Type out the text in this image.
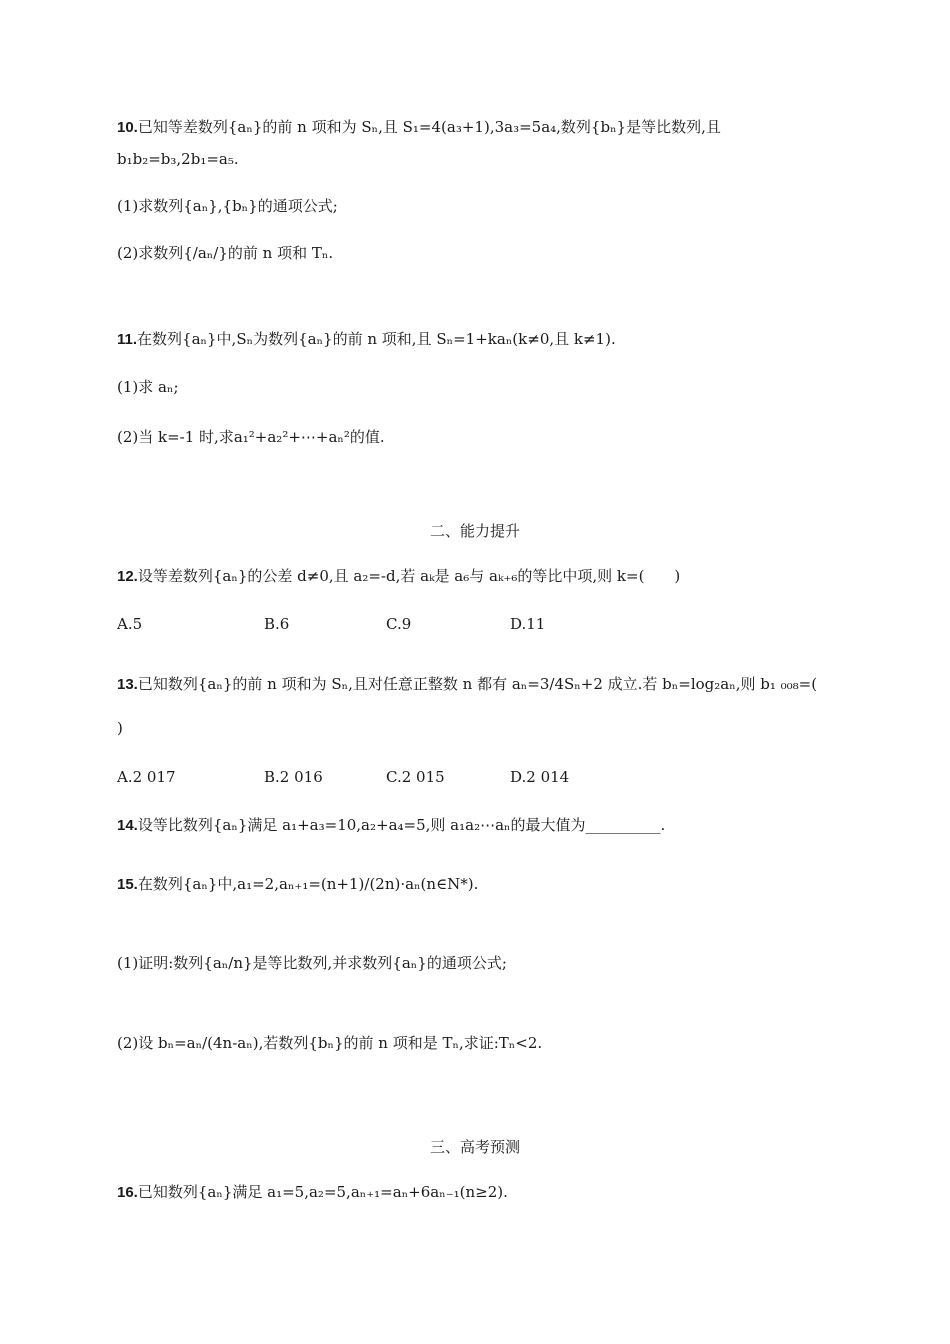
10.已知等差数列{aₙ}的前 n 项和为 Sₙ,且 S₁=4(a₃+1),3a₃=5a₄,数列{bₙ}是等比数列,且
b₁b₂=b₃,2b₁=a₅.
(1)求数列{aₙ},{bₙ}的通项公式;
(2)求数列{/aₙ/}的前 n 项和 Tₙ.
11.在数列{aₙ}中,Sₙ为数列{aₙ}的前 n 项和,且 Sₙ=1+kaₙ(k≠0,且 k≠1).
(1)求 aₙ;
(2)当 k=-1 时,求a₁²+a₂²+⋯+aₙ²的值.
二、能力提升
12.设等差数列{aₙ}的公差 d≠0,且 a₂=-d,若 aₖ是 a₆与 aₖ₊₆的等比中项,则 k=(　　)
A.5	B.6	C.9	D.11
13.已知数列{aₙ}的前 n 项和为 Sₙ,且对任意正整数 n 都有 aₙ=3/4Sₙ+2 成立.若 bₙ=log₂aₙ,则 b₁ ₀₀₈=(
)
A.2 017	B.2 016	C.2 015	D.2 014
14.设等比数列{aₙ}满足 a₁+a₃=10,a₂+a₄=5,则 a₁a₂⋯aₙ的最大值为__________.
15.在数列{aₙ}中,a₁=2,aₙ₊₁=(n+1)/(2n)·aₙ(n∈N*).
(1)证明:数列{aₙ/n}是等比数列,并求数列{aₙ}的通项公式;
(2)设 bₙ=aₙ/(4n-aₙ),若数列{bₙ}的前 n 项和是 Tₙ,求证:Tₙ<2.
三、高考预测
16.已知数列{aₙ}满足 a₁=5,a₂=5,aₙ₊₁=aₙ+6aₙ₋₁(n≥2).
